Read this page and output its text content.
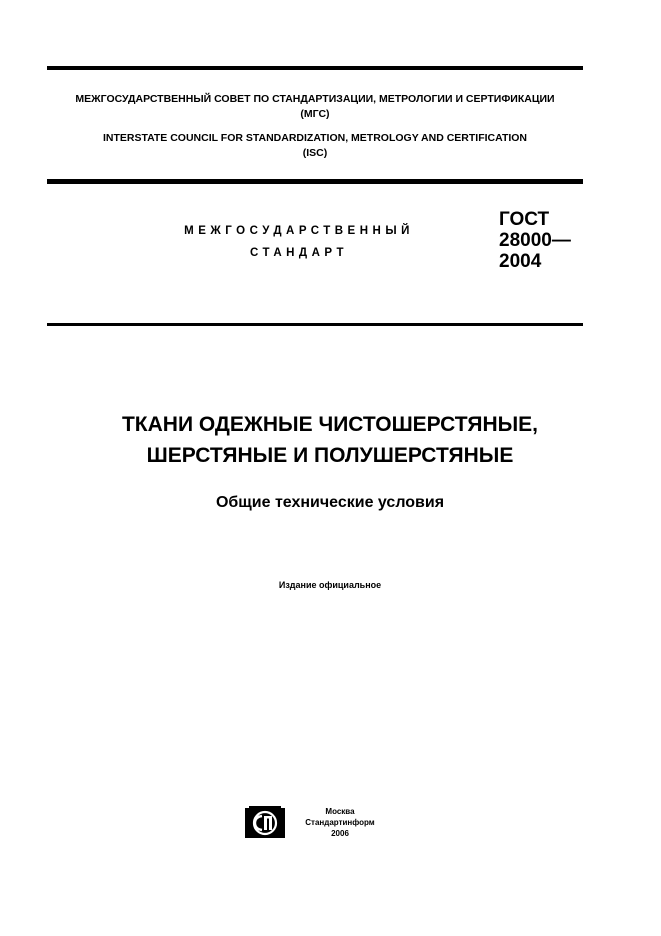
МЕЖГОСУДАРСТВЕННЫЙ СОВЕТ ПО СТАНДАРТИЗАЦИИ, МЕТРОЛОГИИ И СЕРТИФИКАЦИИ
(МГС)
INTERSTATE COUNCIL FOR STANDARDIZATION, METROLOGY AND CERTIFICATION
(ISC)
МЕЖГОСУДАРСТВЕННЫЙ
СТАНДАРТ
ГОСТ
28000—
2004
ТКАНИ ОДЕЖНЫЕ ЧИСТОШЕРСТЯНЫЕ,
ШЕРСТЯНЫЕ И ПОЛУШЕРСТЯНЫЕ
Общие технические условия
Издание официальное
Москва
Стандартинформ
2006
